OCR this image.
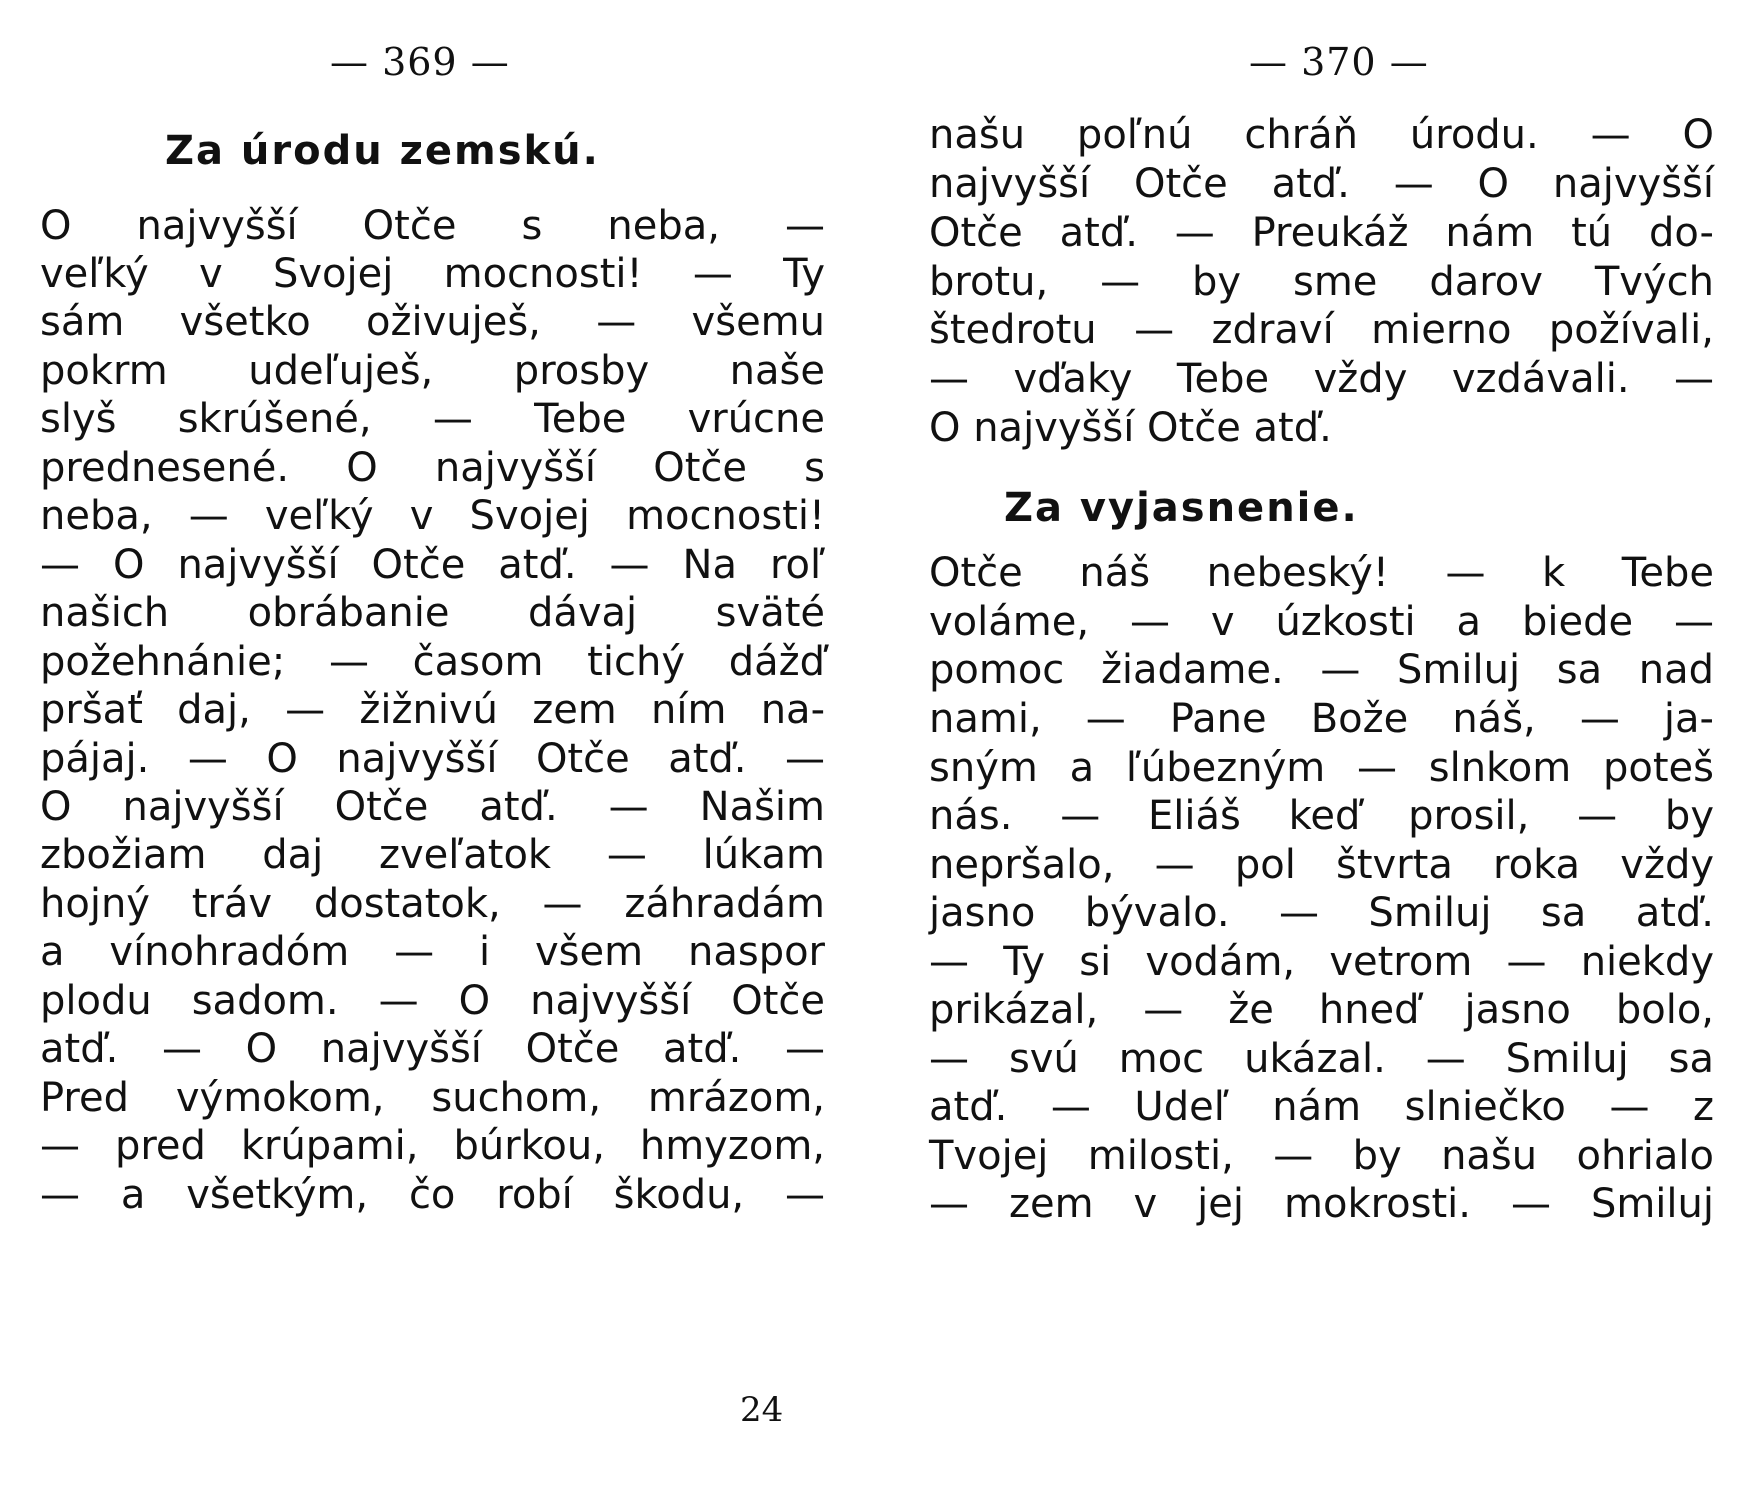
— 369 —
Za úrodu zemskú.
O najvyšší Otče s neba, —
veľký v Svojej mocnosti! — Ty
sám všetko oživuješ, — všemu
pokrm udeľuješ, prosby naše
slyš skrúšené, — Tebe vrúcne
prednesené. O najvyšší Otče s
neba, — veľký v Svojej mocnosti!
— O najvyšší Otče atď. — Na roľ
našich obrábanie dávaj sväté
požehnánie; — časom tichý dážď
pršať daj, — žižnivú zem ním na-
pájaj. — O najvyšší Otče atď. —
O najvyšší Otče atď. — Našim
zbožiam daj zveľatok — lúkam
hojný tráv dostatok, — záhradám
a vínohradóm — i všem naspor
plodu sadom. — O najvyšší Otče
atď. — O najvyšší Otče atď. —
Pred výmokom, suchom, mrázom,
— pred krúpami, búrkou, hmyzom,
— a všetkým, čo robí škodu, —
24
— 370 —
našu poľnú chráň úrodu. — O
najvyšší Otče atď. — O najvyšší
Otče atď. — Preukáž nám tú do-
brotu, — by sme darov Tvých
štedrotu — zdraví mierno požívali,
— vďaky Tebe vždy vzdávali. —
O najvyšší Otče atď.
Za vyjasnenie.
Otče náš nebeský! — k Tebe
voláme, — v úzkosti a biede —
pomoc žiadame. — Smiluj sa nad
nami, — Pane Bože náš, — ja-
sným a ľúbezným — slnkom poteš
nás. — Eliáš keď prosil, — by
nepršalo, — pol štvrta roka vždy
jasno bývalo. — Smiluj sa atď.
— Ty si vodám, vetrom — niekdy
prikázal, — že hneď jasno bolo,
— svú moc ukázal. — Smiluj sa
atď. — Udeľ nám slniečko — z
Tvojej milosti, — by našu ohrialo
— zem v jej mokrosti. — Smiluj
